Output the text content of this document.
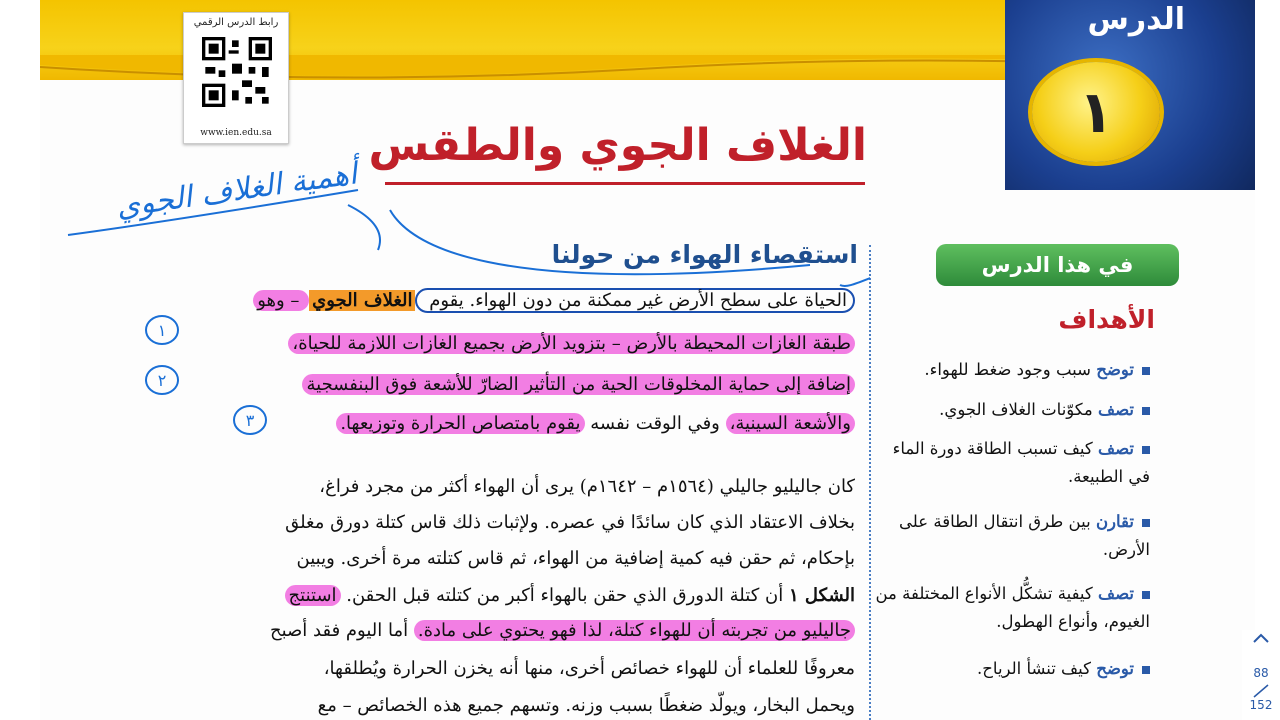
الدرس
١
رابط الدرس الرقمي
www.ien.edu.sa	الغلاف الجوي والطقس
أهمية الغلاف الجوي
استقصاء الهواء من حولنا
الحياة على سطح الأرض غير ممكنة من دون الهواء. يقوم الغلاف الجوي – وهو
طبقة الغازات المحيطة بالأرض – بتزويد الأرض بجميع الغازات اللازمة للحياة،
إضافة إلى حماية المخلوقات الحية من التأثير الضارّ للأشعة فوق البنفسجية
والأشعة السينية، وفي الوقت نفسه يقوم بامتصاص الحرارة وتوزيعها.
١
٢
٣
كان جاليليو جاليلي (١٥٦٤م – ١٦٤٢م) يرى أن الهواء أكثر من مجرد فراغ،
بخلاف الاعتقاد الذي كان سائدًا في عصره. ولإثبات ذلك قاس كتلة دورق مغلق
بإحكام، ثم حقن فيه كمية إضافية من الهواء، ثم قاس كتلته مرة أخرى. ويبين
الشكل ١ أن كتلة الدورق الذي حقن بالهواء أكبر من كتلته قبل الحقن. استنتج
جاليليو من تجربته أن للهواء كتلة، لذا فهو يحتوي على مادة. أما اليوم فقد أصبح
معروفًا للعلماء أن للهواء خصائص أخرى، منها أنه يخزن الحرارة ويُطلقها،
ويحمل البخار، ويولّد ضغطًا بسبب وزنه. وتسهم جميع هذه الخصائص – مع
في هذا الدرس
الأهداف
توضح سبب وجود ضغط للهواء.
تصف مكوّنات الغلاف الجوي.
تصف كيف تسبب الطاقة دورة الماء في الطبيعة.
تقارن بين طرق انتقال الطاقة على الأرض.
تصف كيفية تشكُّل الأنواع المختلفة من الغيوم، وأنواع الهطول.
توضح كيف تنشأ الرياح.	88
152
